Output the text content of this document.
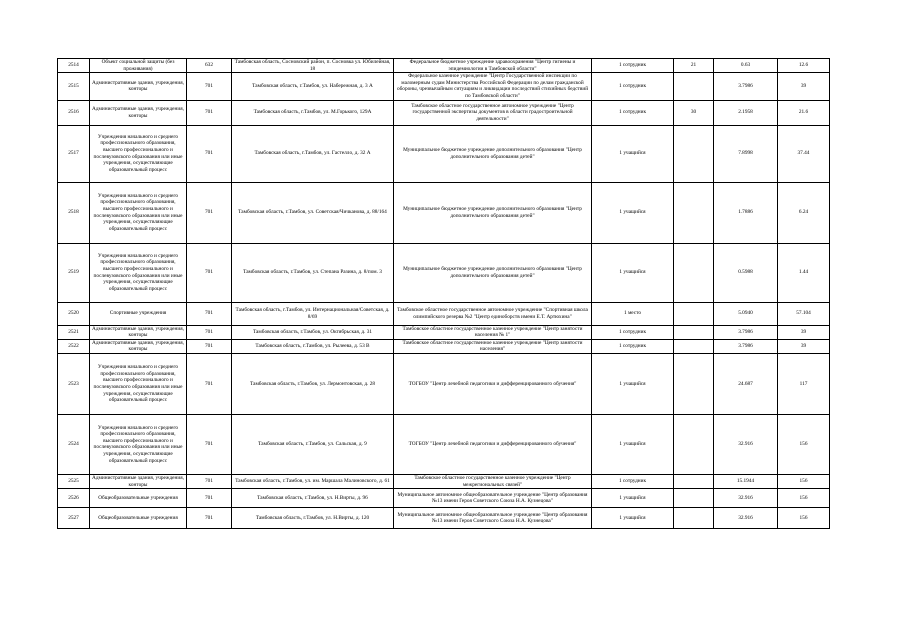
2514	Объект социальной защиты (без проживания)	632	Тамбовская область, Сосновский район, п. Сосновка ул. Юбилейная, 18	Федеральное бюджетное учреждение здравоохранения "Центр гигиены и эпидемиологии в Тамбовской области"	1 сотрудник	21	0.63	12.6
2515	Административные здания, учреждения, конторы	701	Тамбовская область, г.Тамбов, ул. Набережная, д. 3 А	Федеральное казенное учреждение "Центр Государственной инспекции по маломерным судам Министерства Российской Федерации по делам гражданской обороны, чрезвычайным ситуациям и ликвидации последствий стихийных бедствий по Тамбовской области"	1 сотрудник		3.7986	39
2516	Административные здания, учреждения, конторы	701	Тамбовская область, г.Тамбов, ул. М.Горького, 129А	Тамбовское областное государственное автономное учреждение "Центр государственной экспертизы документов в области градостроительной деятельности"	1 сотрудник	30	2.1958	21.6
2517	Учреждения начального и среднего профессионального образования, высшего профессионального и послевузовского образования или иные учреждения, осуществляющие образовательный процесс	701	Тамбовская область, г.Тамбов, ул. Гастелло, д. 32 А	Муниципальное бюджетное учреждение дополнительного образования "Центр дополнительного образования детей"	1 учащийся		7.8998	37.44
2518	Учреждения начального и среднего профессионального образования, высшего профессионального и послевузовского образования или иные учреждения, осуществляющие образовательный процесс	701	Тамбовская область, г.Тамбов, ул. Советская/Чичканова, д. 88/164	Муниципальное бюджетное учреждение дополнительного образования "Центр дополнительного образования детей"	1 учащийся		1.7886	6.24
2519	Учреждения начального и среднего профессионального образования, высшего профессионального и послевузовского образования или иные учреждения, осуществляющие образовательный процесс	701	Тамбовская область, г.Тамбов, ул. Степана Разина, д. 8/пом. 3	Муниципальное бюджетное учреждение дополнительного образования "Центр дополнительного образования детей"	1 учащийся		0.5988	1.44
2520	Спортивные учреждения	701	Тамбовская область, г.Тамбов, ул. Интернациональная/Советская, д. 8/69	Тамбовское областное государственное автономное учреждение "Спортивная школа олимпийского резерва №2 "Центр единоборств имени Е.Т. Артюхина"	1 место		5.0940	57.104
2521	Административные здания, учреждения, конторы	701	Тамбовская область, г.Тамбов, ул. Октябрьская, д. 31	Тамбовское областное государственное казенное учреждение "Центр занятости населения № 1"	1 сотрудник		3.7986	39
2522	Административные здания, учреждения, конторы	701	Тамбовская область, г.Тамбов, ул. Рылеева, д. 53 В	Тамбовское областное государственное казенное учреждение "Центр занятости населения"	1 сотрудник		3.7986	39
2523	Учреждения начального и среднего профессионального образования, высшего профессионального и послевузовского образования или иные учреждения, осуществляющие образовательный процесс	701	Тамбовская область, г.Тамбов, ул. Лермонтовская, д. 28	ТОГБОУ "Центр лечебной педагогики и дифференцированного обучения"	1 учащийся		24.687	117
2524	Учреждения начального и среднего профессионального образования, высшего профессионального и послевузовского образования или иные учреждения, осуществляющие образовательный процесс	701	Тамбовская область, г.Тамбов, ул. Сальская, д. 9	ТОГБОУ "Центр лечебной педагогики и дифференцированного обучения"	1 учащийся		32.916	156
2525	Административные здания, учреждения, конторы	701	Тамбовская область, г.Тамбов, ул. им. Маршала Малиновского, д. 61	Тамбовское областное государственное казенное учреждение "Центр межрегиональных связей"	1 сотрудник		15.1944	156
2526	Общеобразовательные учреждения	701	Тамбовская область, г.Тамбов, ул. Н.Вирты, д. 96	Муниципальное автономное общеобразовательное учреждение "Центр образования №13 имени Героя Советского Союза Н.А. Кузнецова"	1 учащийся		32.916	156
2527	Общеобразовательные учреждения	701	Тамбовская область, г.Тамбов, ул. Н.Вирты, д. 120	Муниципальное автономное общеобразовательное учреждение "Центр образования №13 имени Героя Советского Союза Н.А. Кузнецова"	1 учащийся		32.916	156
